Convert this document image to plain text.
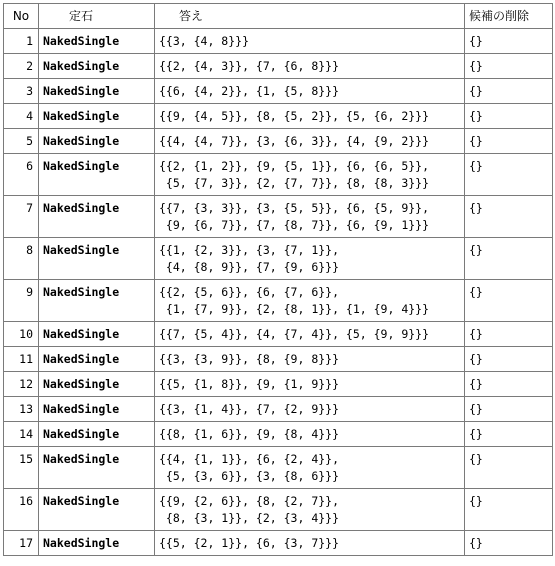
No	定石	答え	候補の削除
1	NakedSingle	{{3, {4, 8}}}	{}
2	NakedSingle	{{2, {4, 3}}, {7, {6, 8}}}	{}
3	NakedSingle	{{6, {4, 2}}, {1, {5, 8}}}	{}
4	NakedSingle	{{9, {4, 5}}, {8, {5, 2}}, {5, {6, 2}}}	{}
5	NakedSingle	{{4, {4, 7}}, {3, {6, 3}}, {4, {9, 2}}}	{}
6	NakedSingle	{{2, {1, 2}}, {9, {5, 1}}, {6, {6, 5}},
{5, {7, 3}}, {2, {7, 7}}, {8, {8, 3}}}	{}
7	NakedSingle	{{7, {3, 3}}, {3, {5, 5}}, {6, {5, 9}},
{9, {6, 7}}, {7, {8, 7}}, {6, {9, 1}}}	{}
8	NakedSingle	{{1, {2, 3}}, {3, {7, 1}},
{4, {8, 9}}, {7, {9, 6}}}	{}
9	NakedSingle	{{2, {5, 6}}, {6, {7, 6}},
{1, {7, 9}}, {2, {8, 1}}, {1, {9, 4}}}	{}
10	NakedSingle	{{7, {5, 4}}, {4, {7, 4}}, {5, {9, 9}}}	{}
11	NakedSingle	{{3, {3, 9}}, {8, {9, 8}}}	{}
12	NakedSingle	{{5, {1, 8}}, {9, {1, 9}}}	{}
13	NakedSingle	{{3, {1, 4}}, {7, {2, 9}}}	{}
14	NakedSingle	{{8, {1, 6}}, {9, {8, 4}}}	{}
15	NakedSingle	{{4, {1, 1}}, {6, {2, 4}},
{5, {3, 6}}, {3, {8, 6}}}	{}
16	NakedSingle	{{9, {2, 6}}, {8, {2, 7}},
{8, {3, 1}}, {2, {3, 4}}}	{}
17	NakedSingle	{{5, {2, 1}}, {6, {3, 7}}}	{}
